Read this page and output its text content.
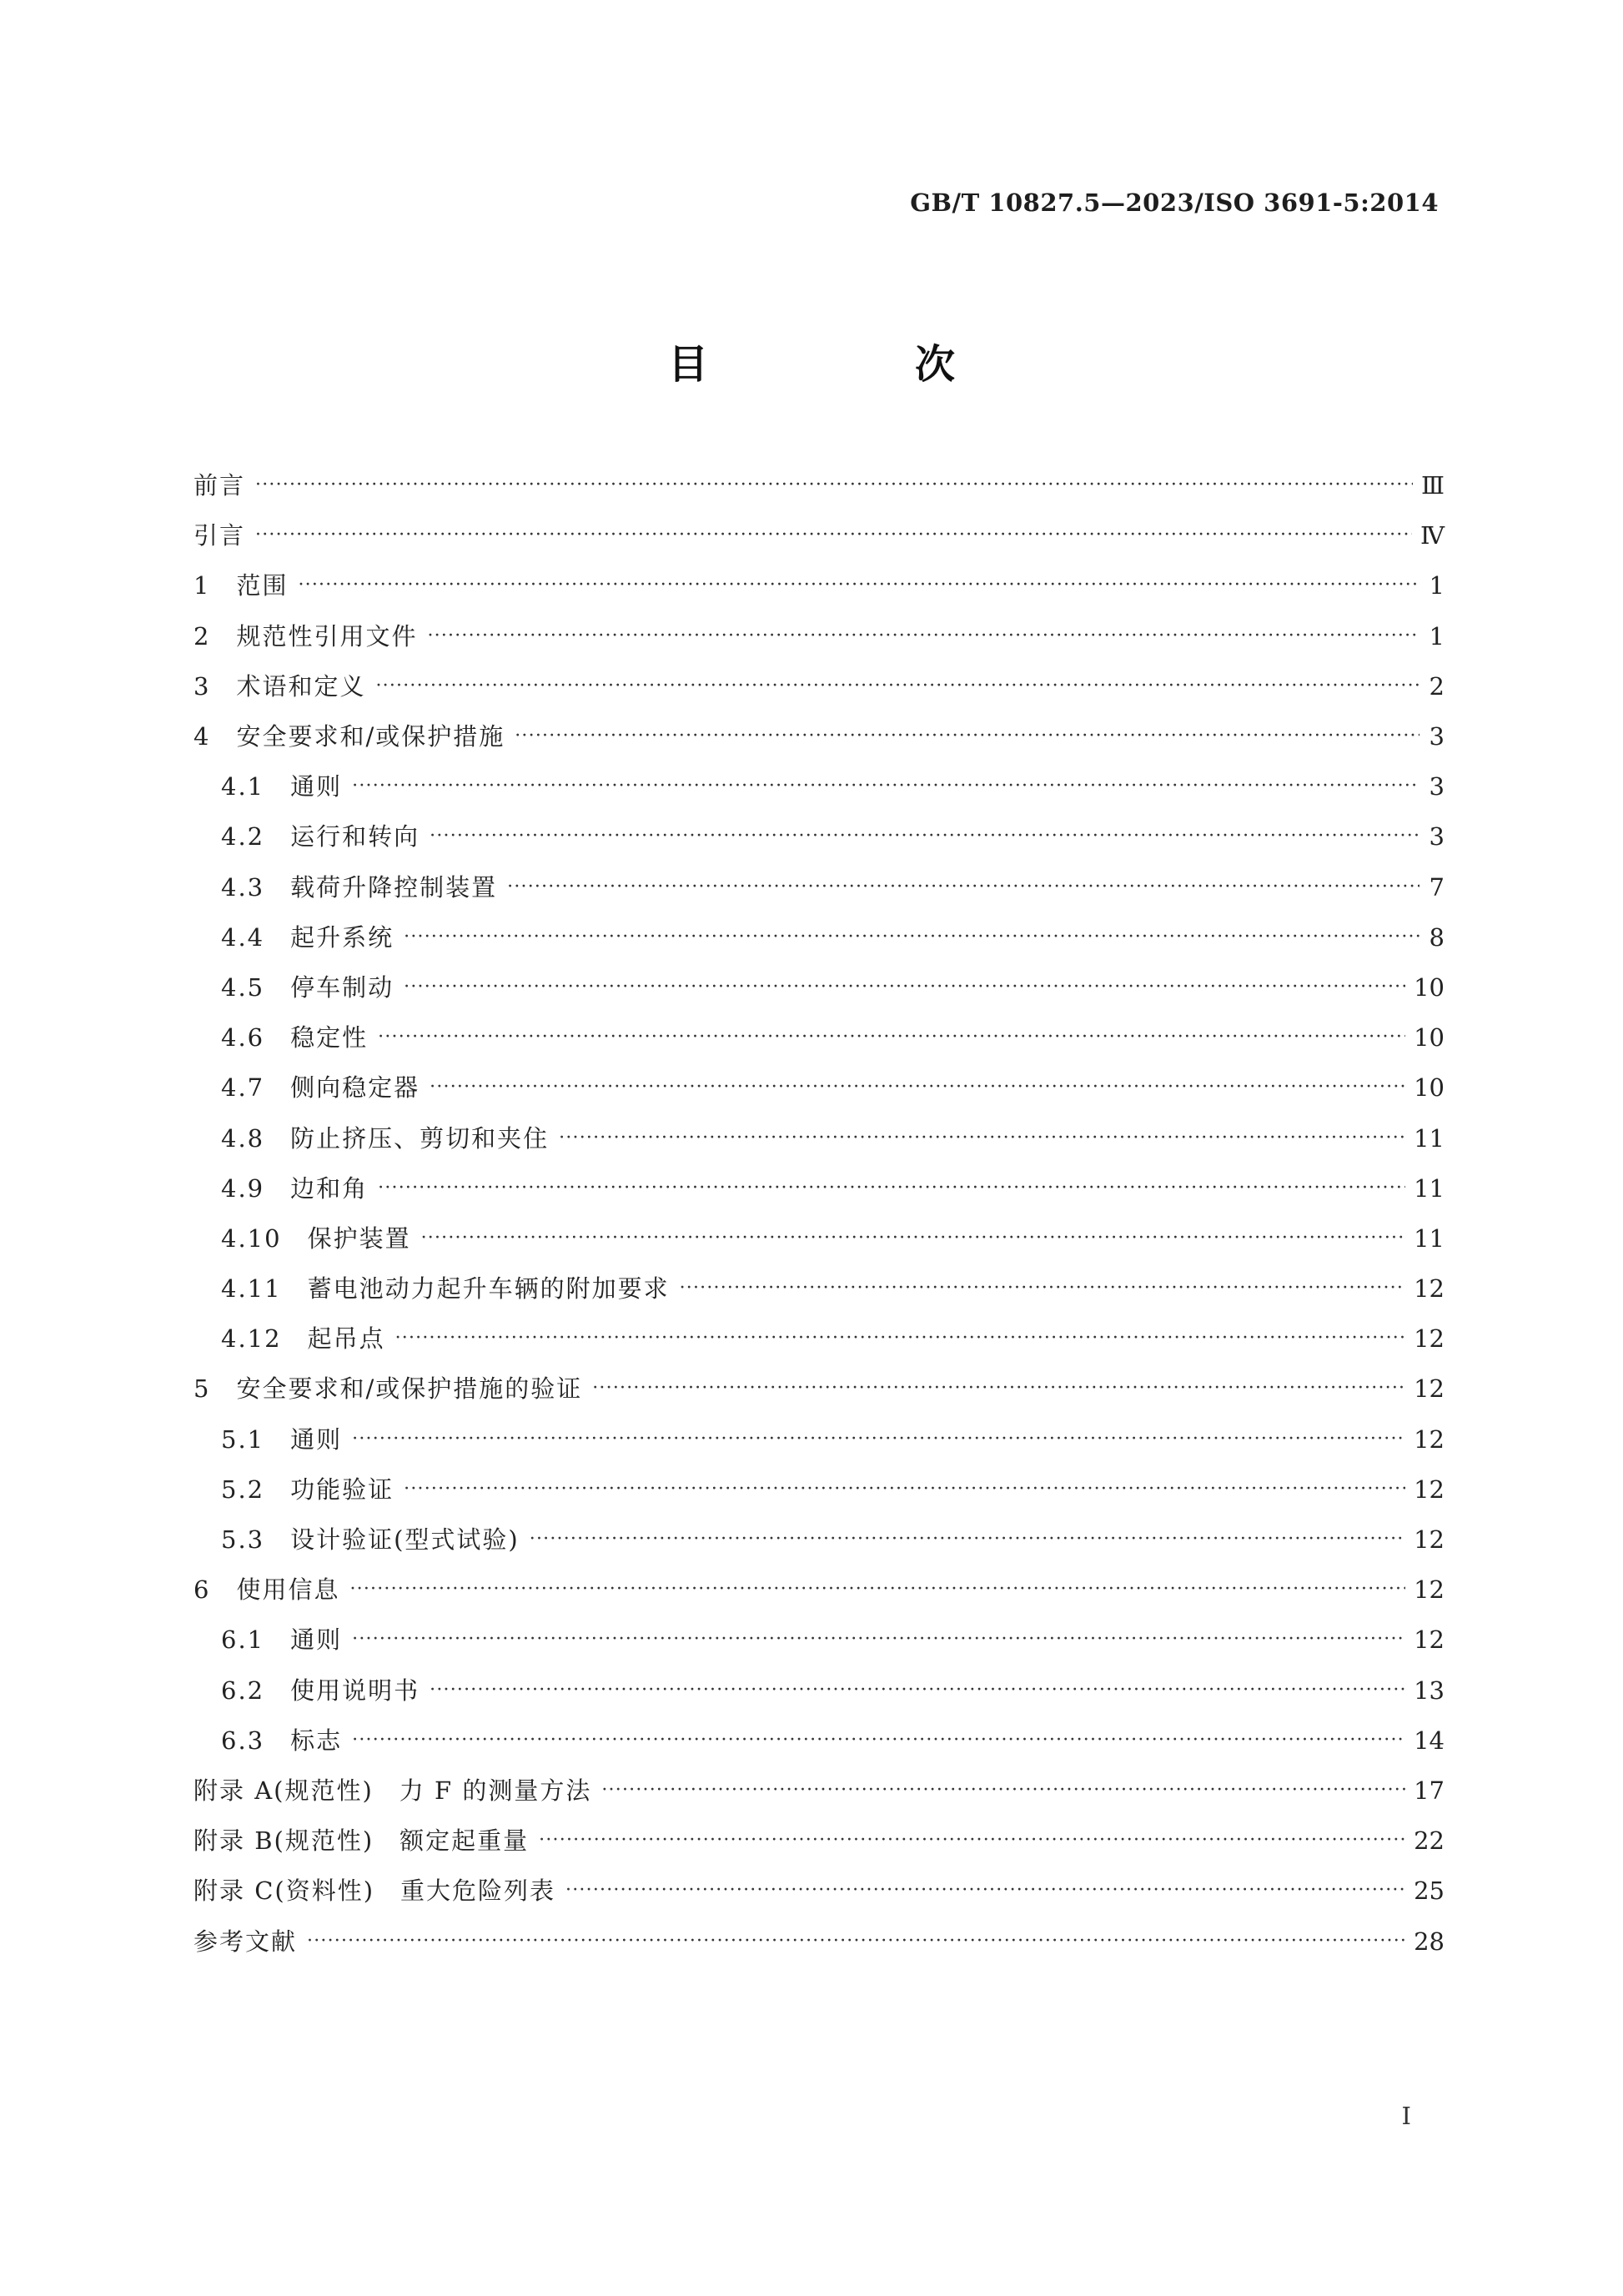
GB/T 10827.5—2023/ISO 3691-5:2014
目　次
前言 ·····	Ⅲ
引言 ·····	Ⅳ
1　范围 ·····	1
2　规范性引用文件 ·····	1
3　术语和定义 ·····	2
4　安全要求和/或保护措施 ·····	3
4.1　通则 ·····	3
4.2　运行和转向 ·····	3
4.3　载荷升降控制装置 ·····	7
4.4　起升系统 ·····	8
4.5　停车制动 ·····	10
4.6　稳定性 ·····	10
4.7　侧向稳定器 ·····	10
4.8　防止挤压、剪切和夹住 ·····	11
4.9　边和角 ·····	11
4.10　保护装置 ·····	11
4.11　蓄电池动力起升车辆的附加要求 ·····	12
4.12　起吊点 ·····	12
5　安全要求和/或保护措施的验证 ·····	12
5.1　通则 ·····	12
5.2　功能验证 ·····	12
5.3　设计验证(型式试验) ·····	12
6　使用信息 ·····	12
6.1　通则 ·····	12
6.2　使用说明书 ·····	13
6.3　标志 ·····	14
附录 A(规范性)　力 F 的测量方法 ·····	17
附录 B(规范性)　额定起重量 ·····	22
附录 C(资料性)　重大危险列表 ·····	25
参考文献 ·····	28
I
